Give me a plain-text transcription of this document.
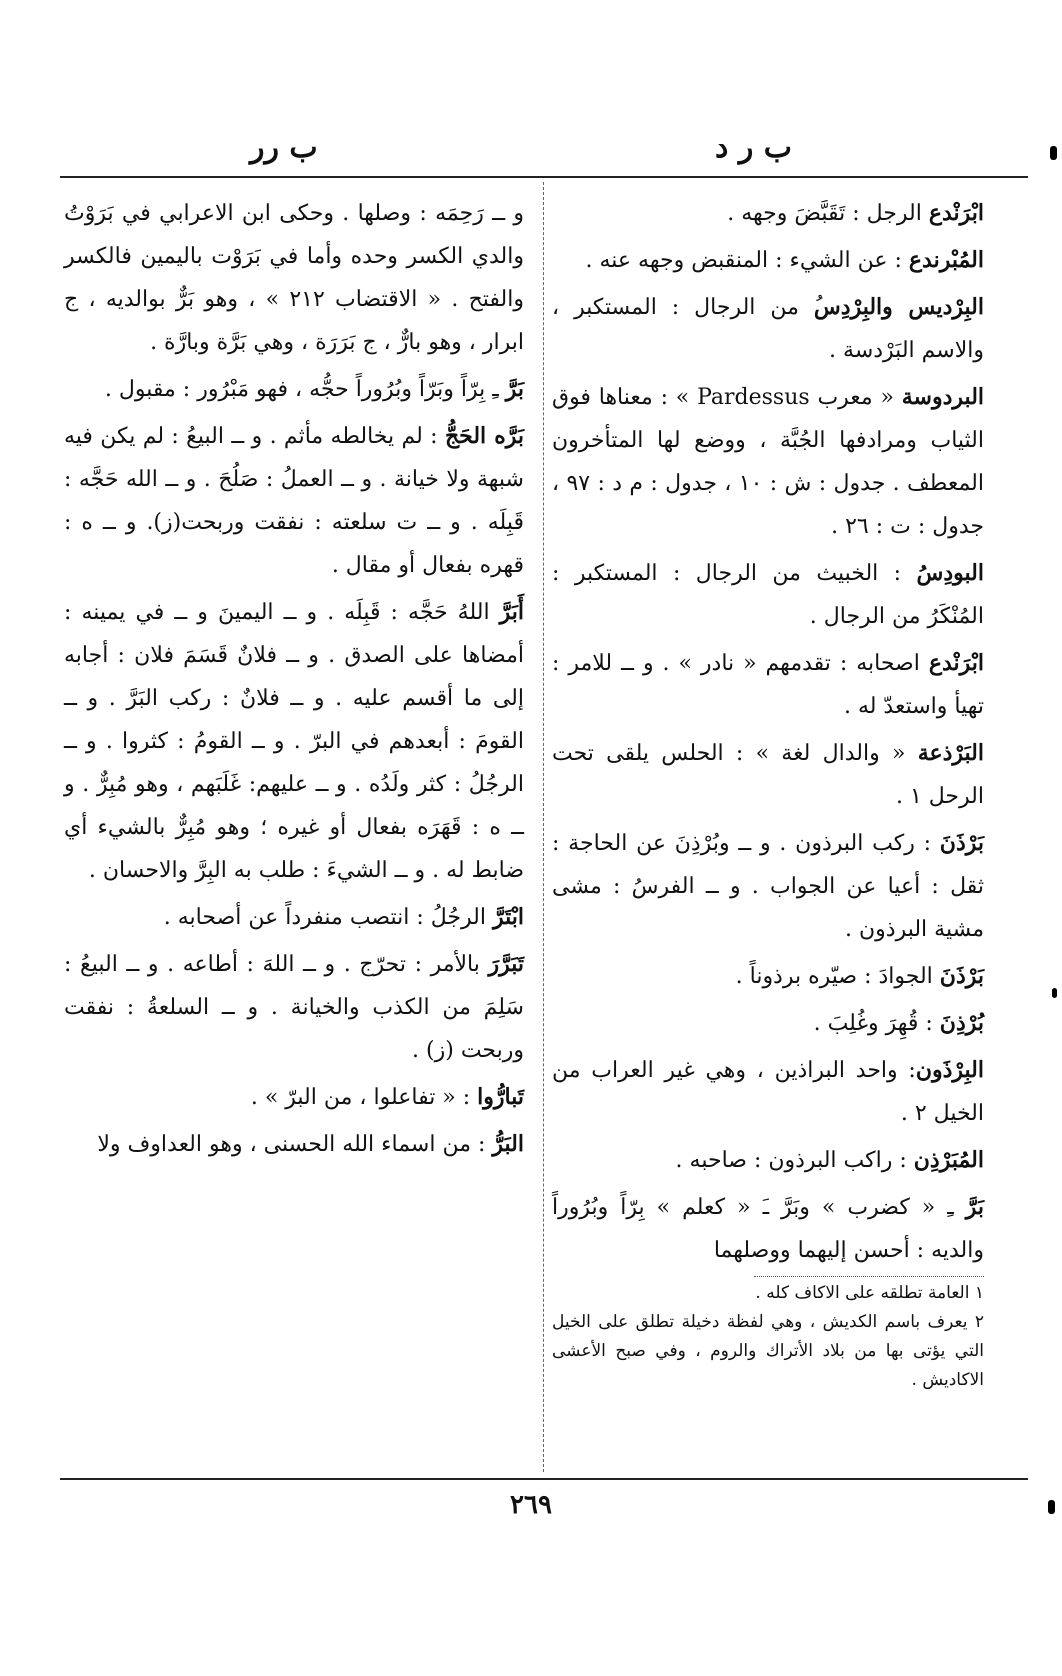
ب ر د
ب رر
ابْرَنْدع الرجل : تَقَبَّضَ وجهه .
المُبْرندع : عن الشيء : المنقبض وجهه عنه .
البِرْديس والبِرْدِسُ من الرجال : المستكبر ، والاسم البَرْدسة .
البردوسة « معرب Pardessus » : معناها فوق الثياب ومرادفها الجُبَّة ، ووضع لها المتأخرون المعطف . جدول : ش : ١٠ ، جدول : م د : ٩٧ ، جدول : ت : ٢٦ .
البودِسُ : الخبيث من الرجال : المستكبر : المُنْكَرُ من الرجال .
ابْرَنْدع اصحابه : تقدمهم « نادر » . و ــ للامر : تهيأ واستعدّ له .
البَرْذعة « والدال لغة » : الحلس يلقى تحت الرحل ١ .
بَرْذَنَ : ركب البرذون . و ــ وبُرْذِنَ عن الحاجة : ثقل : أعيا عن الجواب . و ــ الفرسُ : مشى مشية البرذون .
بَرْذَنَ الجوادَ : صيّره برذوناً .
بُرْذِنَ : قُهِرَ وغُلِبَ .
البِرْذَون: واحد البراذين ، وهي غير العراب من الخيل ٢ .
المُبَرْذِن : راكب البرذون : صاحبه .
بَرَّ ـِ « كضرب » وبَرَّ ـَ « كعلم » بِرّاً وبُرُوراً والديه : أحسن إليهما ووصلهما
١ العامة تطلقه على الاكاف كله .
٢ يعرف باسم الكديش ، وهي لفظة دخيلة تطلق على الخيل التي يؤتى بها من بلاد الأتراك والروم ، وفي صبح الأعشى الاكاديش .
و ــ رَحِمَه : وصلها . وحكى ابن الاعرابي في بَرَوْتُ والدي الكسر وحده وأما في بَرَوْت باليمين فالكسر والفتح . « الاقتضاب ٢١٢ » ، وهو بَرٌّ بوالديه ، ج ابرار ، وهو بارٌّ ، ج بَرَرَة ، وهي بَرَّة وبارَّة .
بَرَّ ـِ بِرّاً وبَرّاً وبُرُوراً حجُّه ، فهو مَبْرُور : مقبول .
بَرَّه الحَجُّ : لم يخالطه مأثم . و ــ البيعُ : لم يكن فيه شبهة ولا خيانة . و ــ العملُ : صَلُحَ . و ــ الله حَجَّه : قَبِلَه . و ــ ت سلعته : نفقت وربحت(ز). و ــ ه : قهره بفعال أو مقال .
أَبَرَّ اللهُ حَجَّه : قَبِلَه . و ــ اليمينَ و ــ في يمينه : أمضاها على الصدق . و ــ فلانٌ قَسَمَ فلان : أجابه إلى ما أقسم عليه . و ــ فلانٌ : ركب البَرَّ . و ــ القومَ : أبعدهم في البرّ . و ــ القومُ : كثروا . و ــ الرجُلُ : كثر ولَدُه . و ــ عليهم: غَلَبَهم ، وهو مُبِرٌّ . و ــ ه : قَهَرَه بفعال أو غيره ؛ وهو مُبِرٌّ بالشيء أي ضابط له . و ــ الشيءَ : طلب به البِرَّ والاحسان .
ابْتَرَّ الرجُلُ : انتصب منفرداً عن أصحابه .
تَبَرَّرَ بالأمر : تحرّج . و ــ اللهَ : أطاعه . و ــ البيعُ : سَلِمَ من الكذب والخيانة . و ــ السلعةُ : نفقت وربحت (ز) .
تَبارُّوا : « تفاعلوا ، من البرّ » .
البَرُّ : من اسماء الله الحسنى ، وهو العداوف ولا
٢٦٩
